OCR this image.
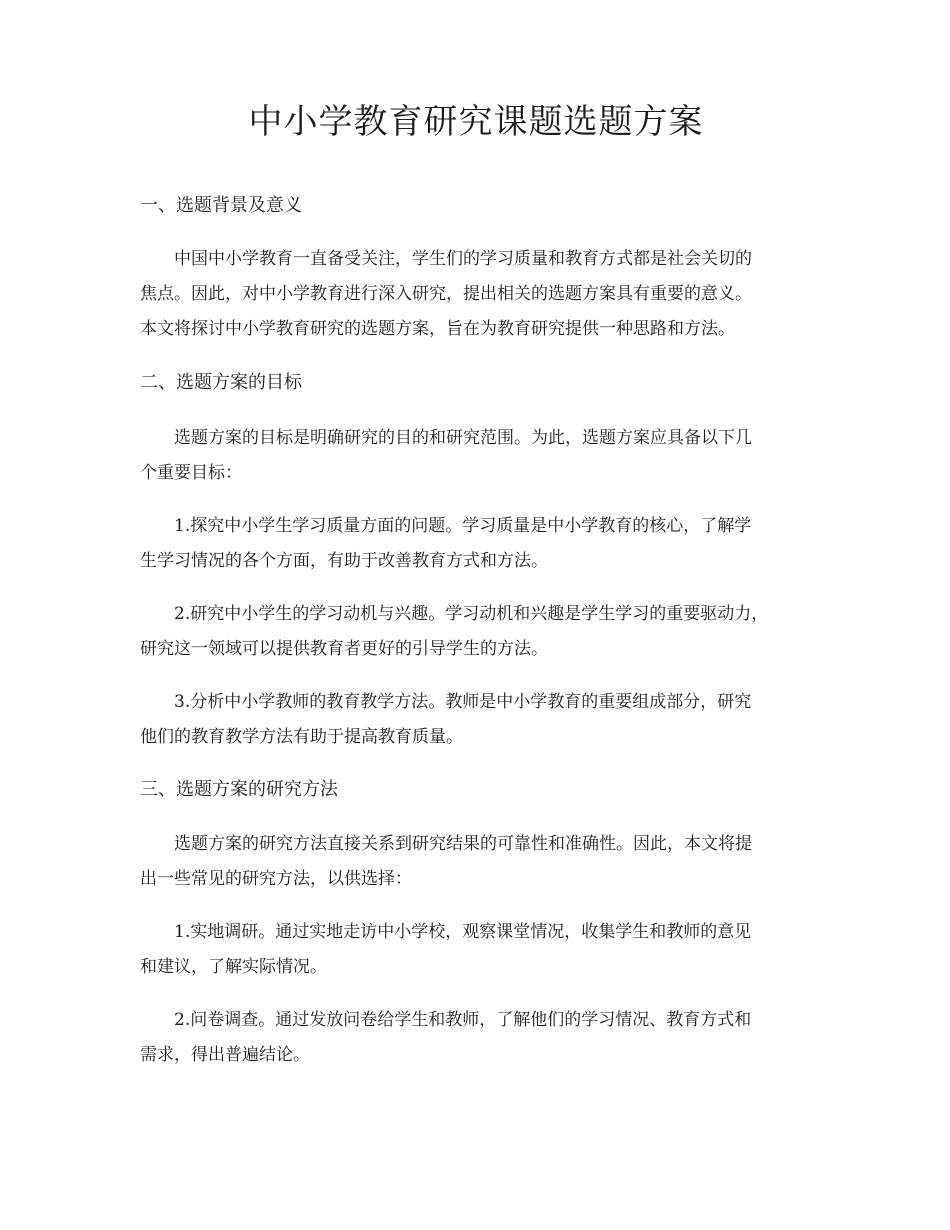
中小学教育研究课题选题方案
一、选题背景及意义

中国中小学教育一直备受关注，学生们的学习质量和教育方式都是社会关切的
焦点。因此，对中小学教育进行深入研究，提出相关的选题方案具有重要的意义。
本文将探讨中小学教育研究的选题方案，旨在为教育研究提供一种思路和方法。

二、选题方案的目标

选题方案的目标是明确研究的目的和研究范围。为此，选题方案应具备以下几
个重要目标：

1.探究中小学生学习质量方面的问题。学习质量是中小学教育的核心，了解学
生学习情况的各个方面，有助于改善教育方式和方法。

2.研究中小学生的学习动机与兴趣。学习动机和兴趣是学生学习的重要驱动力，
研究这一领域可以提供教育者更好的引导学生的方法。

3.分析中小学教师的教育教学方法。教师是中小学教育的重要组成部分，研究
他们的教育教学方法有助于提高教育质量。

三、选题方案的研究方法

选题方案的研究方法直接关系到研究结果的可靠性和准确性。因此，本文将提
出一些常见的研究方法，以供选择：

1.实地调研。通过实地走访中小学校，观察课堂情况，收集学生和教师的意见
和建议，了解实际情况。

2.问卷调查。通过发放问卷给学生和教师，了解他们的学习情况、教育方式和
需求，得出普遍结论。
